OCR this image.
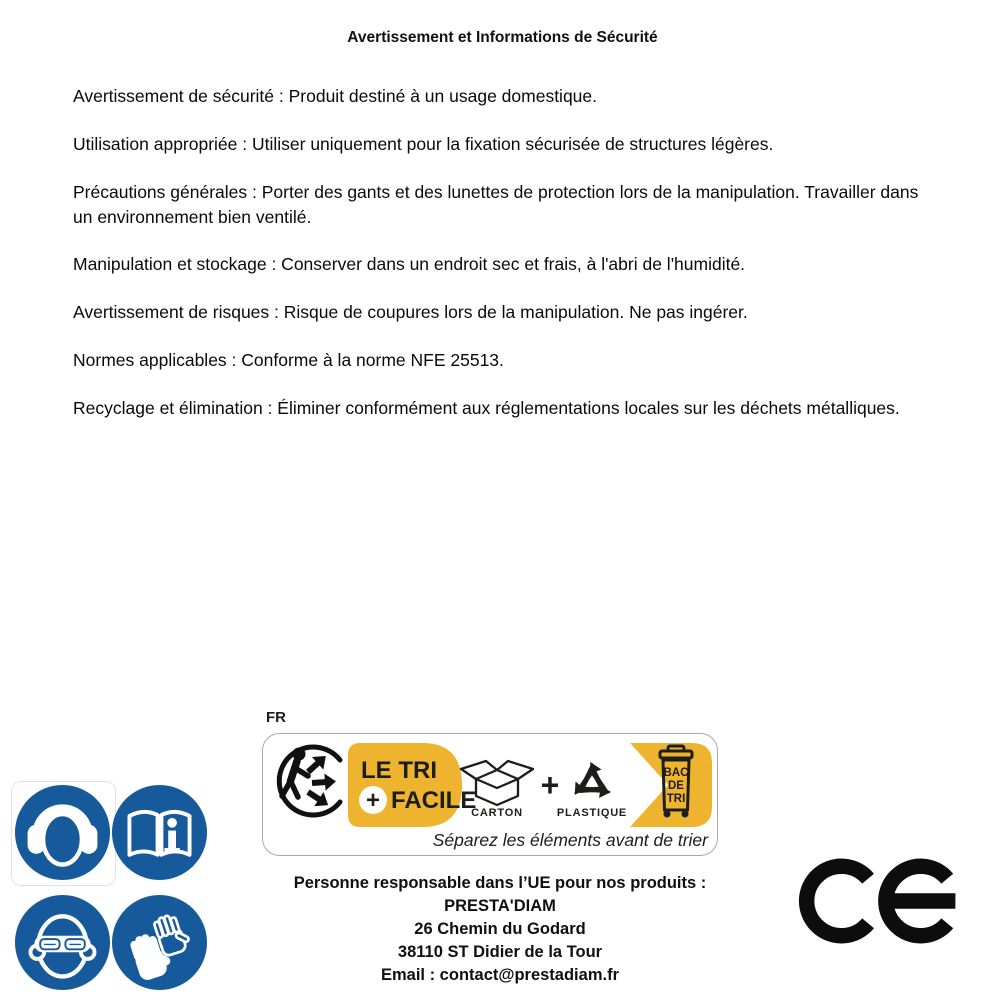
Avertissement et Informations de Sécurité

Avertissement de sécurité : Produit destiné à un usage domestique.

Utilisation appropriée : Utiliser uniquement pour la fixation sécurisée de structures légères.

Précautions générales : Porter des gants et des lunettes de protection lors de la manipulation. Travailler dans un environnement bien ventilé.

Manipulation et stockage : Conserver dans un endroit sec et frais, à l'abri de l'humidité.

Avertissement de risques : Risque de coupures lors de la manipulation. Ne pas ingérer.

Normes applicables : Conforme à la norme NFE 25513.

Recyclage et élimination : Éliminer conformément aux réglementations locales sur les déchets métalliques.

FR
LE TRI
+ FACILE
CARTON
+
PLASTIQUE
BAC
DE
TRI
Séparez les éléments avant de trier
Personne responsable dans l’UE pour nos produits :
PRESTA'DIAM
26 Chemin du Godard
38110 ST Didier de la Tour
Email : contact@prestadiam.fr
